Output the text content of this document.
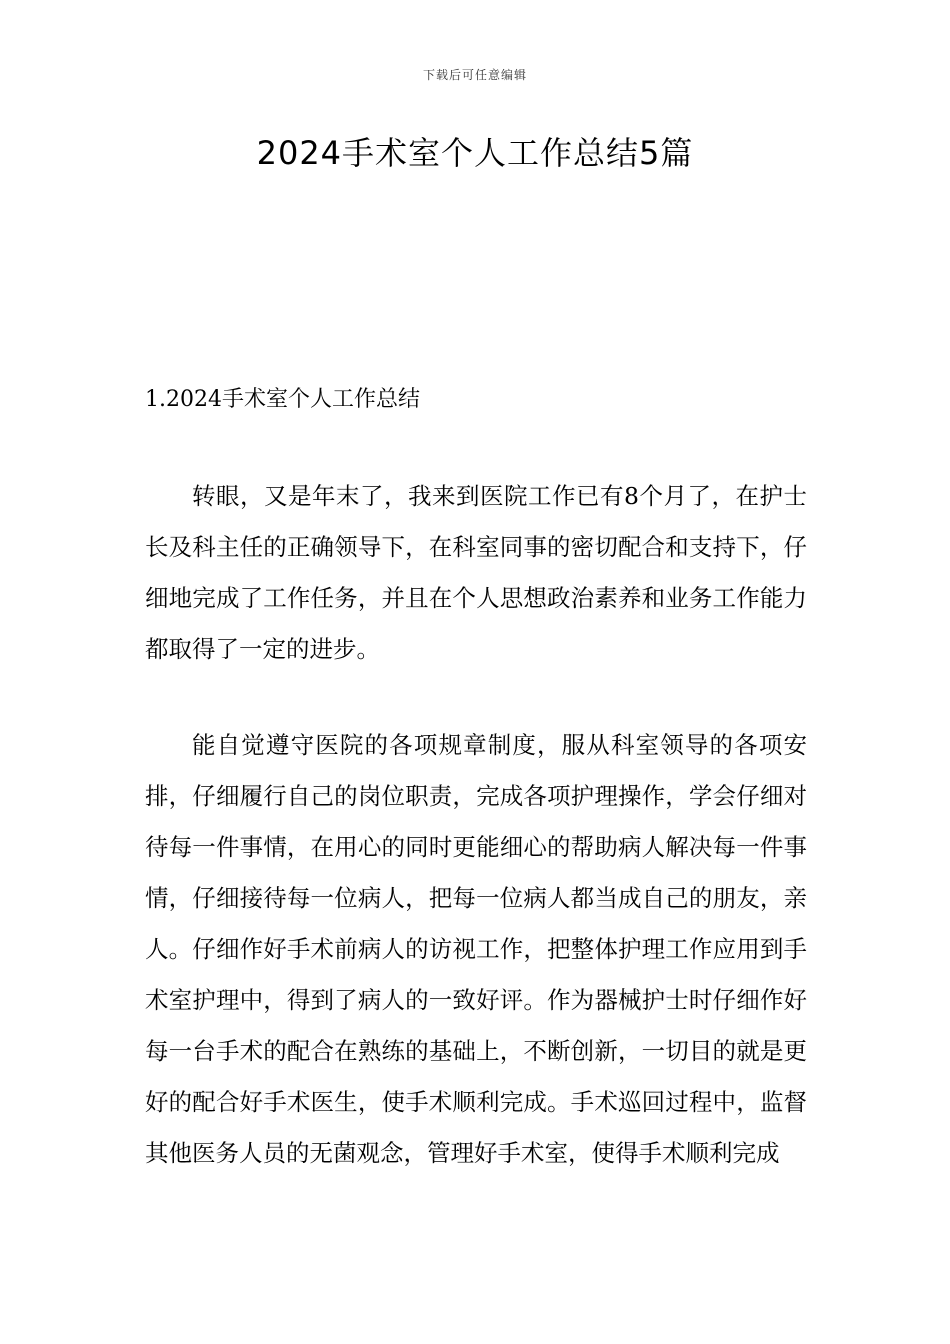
下载后可任意编辑
2024手术室个人工作总结5篇
1.2024手术室个人工作总结

转眼，又是年末了，我来到医院工作已有8个月了，在护士长及科主任的正确领导下，在科室同事的密切配合和支持下，仔细地完成了工作任务，并且在个人思想政治素养和业务工作能力都取得了一定的进步。

能自觉遵守医院的各项规章制度，服从科室领导的各项安排，仔细履行自己的岗位职责，完成各项护理操作，学会仔细对待每一件事情，在用心的同时更能细心的帮助病人解决每一件事情，仔细接待每一位病人，把每一位病人都当成自己的朋友，亲人。仔细作好手术前病人的访视工作，把整体护理工作应用到手术室护理中，得到了病人的一致好评。作为器械护士时仔细作好每一台手术的配合在熟练的基础上，不断创新，一切目的就是更好的配合好手术医生，使手术顺利完成。手术巡回过程中，监督其他医务人员的无菌观念，管理好手术室，使得手术顺利完成
